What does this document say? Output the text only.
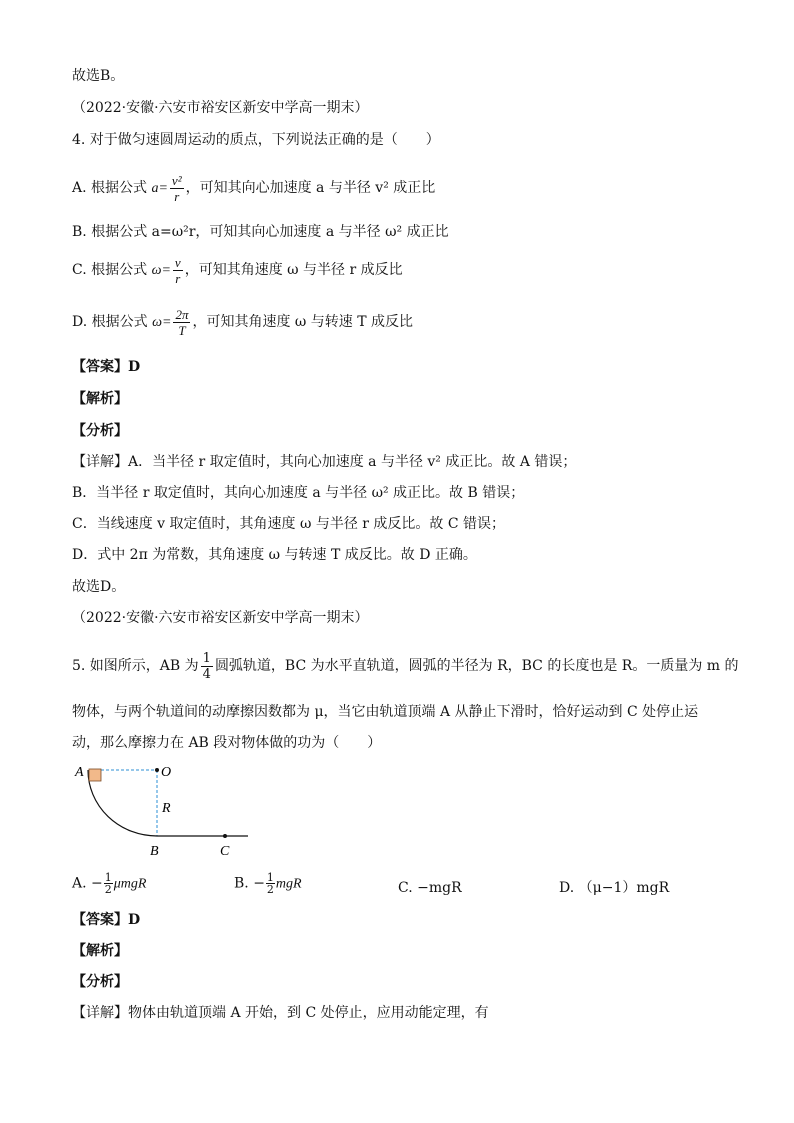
故选B。
（2022·安徽·六安市裕安区新安中学高一期末）
4. 对于做匀速圆周运动的质点，下列说法正确的是（　　）
A. 根据公式 $a= \frac{\text{v²}}{r}$ ，可知其向心加速度 a 与半径 v² 成正比
B. 根据公式 a=ω²r，可知其向心加速度 a 与半径 ω² 成正比
C. 根据公式 $\omega= \frac{v}{r}$ ，可知其角速度 ω 与半径 r 成反比
D. 根据公式 $\omega= \frac{2\pi}{T}$ ，可知其角速度 ω 与转速 T 成反比
【答案】D
【解析】
【分析】
【详解】A．当半径 r 取定值时，其向心加速度 a 与半径 v² 成正比。故 A 错误；
B．当半径 r 取定值时，其向心加速度 a 与半径 ω² 成正比。故 B 错误；
C．当线速度 v 取定值时，其角速度 ω 与半径 r 成反比。故 C 错误；
D．式中 2π 为常数，其角速度 ω 与转速 T 成反比。故 D 正确。
故选D。
（2022·安徽·六安市裕安区新安中学高一期末）
5. 如图所示，AB 为 $\frac{1}{4}$ 圆弧轨道，BC 为水平直轨道，圆弧的半径为 R，BC 的长度也是 R。一质量为 m 的
物体，与两个轨道间的动摩擦因数都为 μ，当它由轨道顶端 A 从静止下滑时，恰好运动到 C 处停止运
动，那么摩擦力在 AB 段对物体做的功为（　　）
A	O
R
B	C
A. − $\frac{1}{2}$ μmgR	B. − $\frac{1}{2}$ mgR	C. −mgR	D. （μ−1）mgR
【答案】D
【解析】
【分析】
【详解】物体由轨道顶端 A 开始，到 C 处停止，应用动能定理，有
